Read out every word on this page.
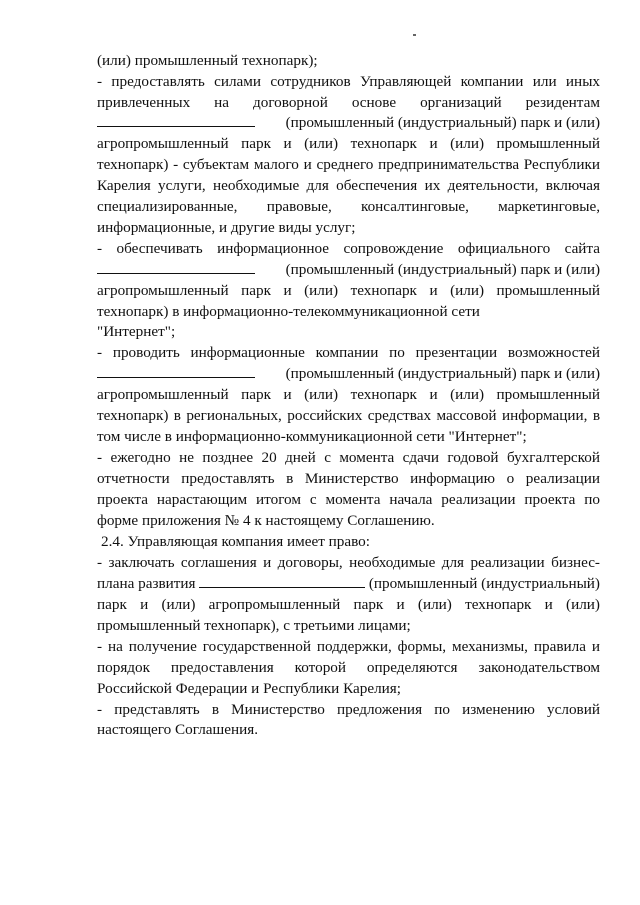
(или) промышленный технопарк);
- предоставлять силами сотрудников Управляющей компании или иных
привлеченных на договорной основе организаций резидентам
(промышленный (индустриальный) парк и (или)
агропромышленный парк и (или) технопарк и (или) промышленный
технопарк) - субъектам малого и среднего предпринимательства Республики
Карелия услуги, необходимые для обеспечения их деятельности, включая
специализированные, правовые, консалтинговые, маркетинговые,
информационные, и другие виды услуг;
- обеспечивать информационное сопровождение официального сайта
(промышленный (индустриальный) парк и (или)
агропромышленный парк и (или) технопарк и (или) промышленный
технопарк) в информационно-телекоммуникационной сети
"Интернет";
- проводить информационные компании по презентации возможностей
(промышленный (индустриальный) парк и (или)
агропромышленный парк и (или) технопарк и (или) промышленный
технопарк) в региональных, российских средствах массовой информации, в
том числе в информационно-коммуникационной сети "Интернет";
- ежегодно не позднее 20 дней с момента сдачи годовой бухгалтерской
отчетности предоставлять в Министерство информацию о реализации
проекта нарастающим итогом с момента начала реализации проекта по
форме приложения № 4 к настоящему Соглашению.
2.4. Управляющая компания имеет право:
- заключать соглашения и договоры, необходимые для реализации бизнес-
плана развития	(промышленный (индустриальный)
парк и (или) агропромышленный парк и (или) технопарк и (или)
промышленный технопарк), с третьими лицами;
- на получение государственной поддержки, формы, механизмы, правила и
порядок предоставления которой определяются законодательством
Российской Федерации и Республики Карелия;
- представлять в Министерство предложения по изменению условий
настоящего Соглашения.
